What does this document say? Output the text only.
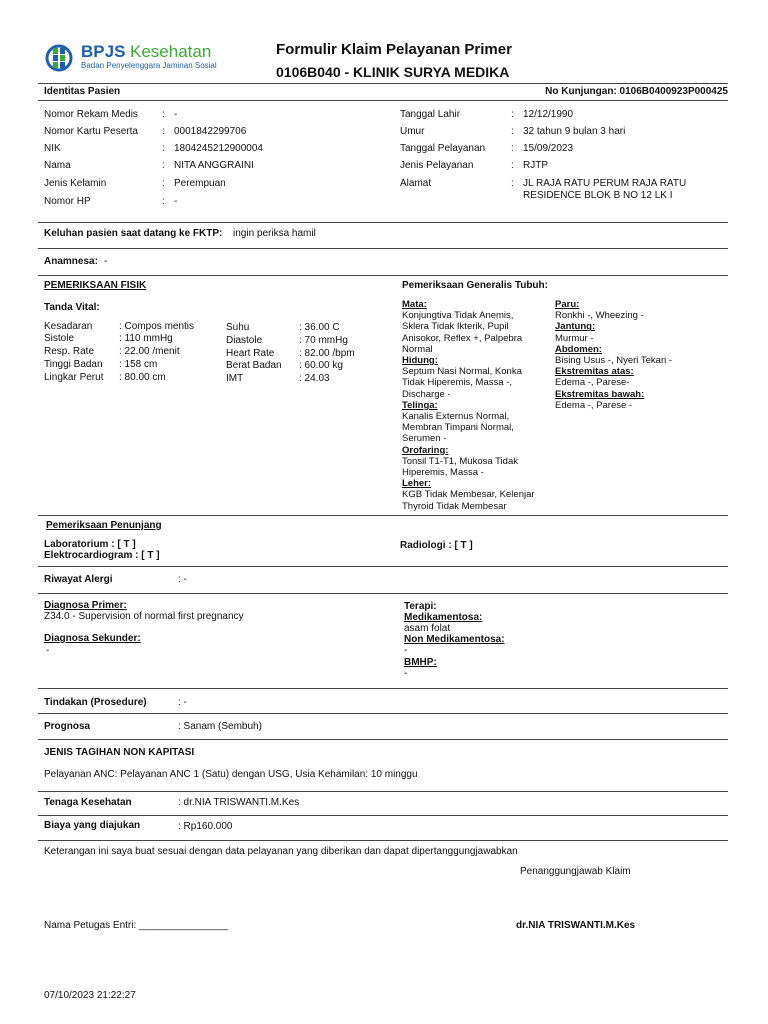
BPJS Kesehatan
Badan Penyelenggara Jaminan Sosial
Formulir Klaim Pelayanan Primer
0106B040 - KLINIK SURYA MEDIKA
Identitas Pasien	No Kunjungan: 0106B0400923P000425
Nomor Rekam Medis : -
Nomor Kartu Peserta : 0001842299706
NIK	: 1804245212900004
Nama	: NITA ANGGRAINI
Jenis Kelamin	: Perempuan
Nomor HP	: -
Tanggal Lahir	: 12/12/1990
Umur	: 32 tahun 9 bulan 3 hari
Tanggal Pelayanan	: 15/09/2023
Jenis Pelayanan	: RJTP
Alamat	: JL RAJA RATU PERUM RAJA RATU
RESIDENCE BLOK B NO 12 LK I
Keluhan pasien saat datang ke FKTP: ingin periksa hamil
Anamnesa: -
PEMERIKSAAN FISIK
Tanda Vital:
Kesadaran	: Compos mentis
Sistole	: 110 mmHg
Resp. Rate : 22.00 /menit
Tinggi Badan : 158 cm
Lingkar Perut : 80.00 cm
Suhu	: 36.00 C
Diastole	: 70 mmHg
Heart Rate : 82.00 /bpm
Berat Badan : 60.00 kg
IMT	: 24.03
Pemeriksaan Generalis Tubuh:
Mata:
Konjungtiva Tidak Anemis,
Sklera Tidak Ikterik, Pupil
Anisokor, Reflex +, Palpebra
Normal
Hidung:
Septum Nasi Normal, Konka
Tidak Hiperemis, Massa -,
Discharge -
Telinga:
Kanalis Externus Normal,
Membran Timpani Normal,
Serumen -
Orofaring:
Tonsil T1-T1, Mukosa Tidak
Hiperemis, Massa -
Leher:
KGB Tidak Membesar, Kelenjar
Thyroid Tidak Membesar
Paru:
Ronkhi -, Wheezing -
Jantung:
Murmur -
Abdomen:
Bising Usus -, Nyeri Tekan -
Ekstremitas atas:
Edema -, Parese-
Ekstremitas bawah:
Edema -, Parese -
Pemeriksaan Penunjang
Laboratorium : [ T ]
Elektrocardiogram : [ T ]
Radiologi : [ T ]
Riwayat Alergi	: -
Diagnosa Primer:
Z34.0 - Supervision of normal first pregnancy
Diagnosa Sekunder:
-
Terapi:
Medikamentosa:
asam folat
Non Medikamentosa:
-
BMHP:
-
Tindakan (Prosedure)	: -
Prognosa	: Sanam (Sembuh)
JENIS TAGIHAN NON KAPITASI
Pelayanan ANC: Pelayanan ANC 1 (Satu) dengan USG, Usia Kehamilan: 10 minggu
Tenaga Kesehatan	: dr.NIA TRISWANTI.M.Kes
Biaya yang diajukan	: Rp160.000
Keterangan ini saya buat sesuai dengan data pelayanan yang diberikan dan dapat dipertanggungjawabkan
Penanggungjawab Klaim
Nama Petugas Entri: ________________	dr.NIA TRISWANTI.M.Kes
07/10/2023 21:22:27
